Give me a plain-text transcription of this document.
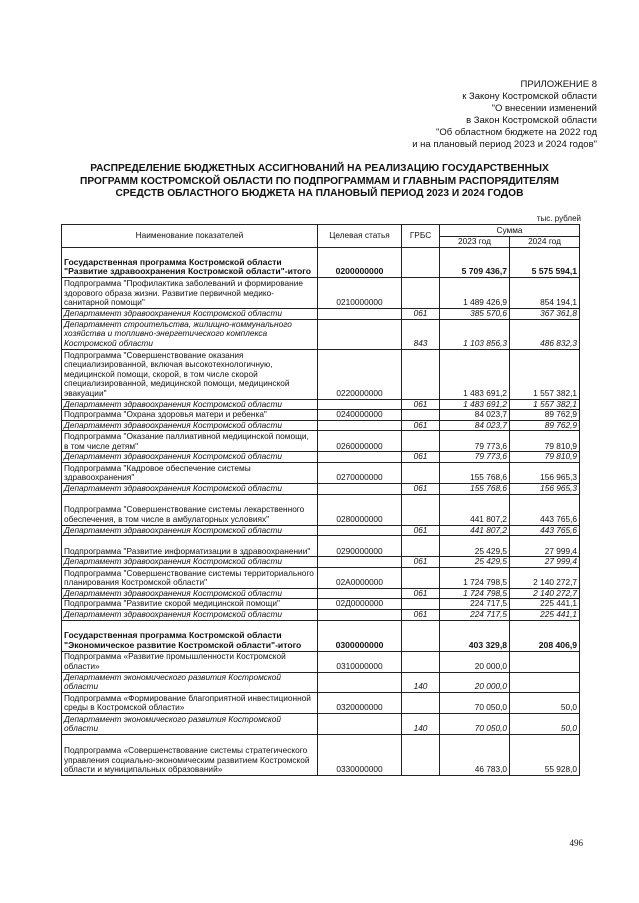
ПРИЛОЖЕНИЕ 8
к Закону Костромской области
"О внесении изменений
в Закон Костромской области
"Об областном бюджете на 2022 год
и на плановый период 2023 и 2024 годов"
РАСПРЕДЕЛЕНИЕ БЮДЖЕТНЫХ АССИГНОВАНИЙ НА РЕАЛИЗАЦИЮ ГОСУДАРСТВЕННЫХ
ПРОГРАММ КОСТРОМСКОЙ ОБЛАСТИ ПО ПОДПРОГРАММАМ И ГЛАВНЫМ РАСПОРЯДИТЕЛЯМ
СРЕДСТВ ОБЛАСТНОГО БЮДЖЕТА НА ПЛАНОВЫЙ ПЕРИОД 2023 И 2024 ГОДОВ
тыс. рублей
Наименование показателей	Целевая статья	ГРБС	Сумма	
			2023 год	2024 год
Государственная программа Костромской области "Развитие здравоохранения Костромской области"-итого	0200000000		5 709 436,7	5 575 594,1
Подпрограмма "Профилактика заболеваний и формирование здорового образа жизни. Развитие первичной медико-санитарной помощи"	0210000000		1 489 426,9	854 194,1
Департамент здравоохранения Костромской области		061	385 570,6	367 361,8
Департамент строительства, жилищно-коммунального хозяйства и топливно-энергетического комплекса Костромской области		843	1 103 856,3	486 832,3
Подпрограмма "Совершенствование оказания специализированной, включая высокотехнологичную, медицинской помощи, скорой, в том числе скорой специализированной, медицинской помощи, медицинской эвакуации"	0220000000		1 483 691,2	1 557 382,1
Департамент здравоохранения Костромской области		061	1 483 691,2	1 557 382,1
Подпрограмма "Охрана здоровья матери и ребенка"	0240000000		84 023,7	89 762,9
Департамент здравоохранения Костромской области		061	84 023,7	89 762,9
Подпрограмма "Оказание паллиативной медицинской помощи, в том числе детям"	0260000000		79 773,6	79 810,9
Департамент здравоохранения Костромской области		061	79 773,6	79 810,9
Подпрограмма "Кадровое обеспечение системы здравоохранения"	0270000000		155 768,6	156 965,3
Департамент здравоохранения Костромской области		061	155 768,6	156 965,3
Подпрограмма "Совершенствование системы лекарственного обеспечения, в том числе в амбулаторных условиях"	0280000000		441 807,2	443 765,6
Департамент здравоохранения Костромской области		061	441 807,2	443 765,6
Подпрограмма "Развитие информатизации в здравоохранении"	0290000000		25 429,5	27 999,4
Департамент здравоохранения Костромской области		061	25 429,5	27 999,4
Подпрограмма "Совершенствование системы территориального планирования Костромской области"	02А0000000		1 724 798,5	2 140 272,7
Департамент здравоохранения Костромской области		061	1 724 798,5	2 140 272,7
Подпрограмма "Развитие скорой медицинской помощи"	02Д0000000		224 717,5	225 441,1
Департамент здравоохранения Костромской области		061	224 717,5	225 441,1
Государственная программа Костромской области "Экономическое развитие Костромской области"-итого	0300000000		403 329,8	208 406,9
Подпрограмма «Развитие промышленности Костромской области»	0310000000		20 000,0	
Департамент экономического развития Костромской области		140	20 000,0	
Подпрограмма «Формирование благоприятной инвестиционной среды в Костромской области»	0320000000		70 050,0	50,0
Департамент экономического развития Костромской области		140	70 050,0	50,0
Подпрограмма «Совершенствование системы стратегического управления социально-экономическим развитием Костромской области и муниципальных образований»	0330000000		46 783,0	55 928,0
496
